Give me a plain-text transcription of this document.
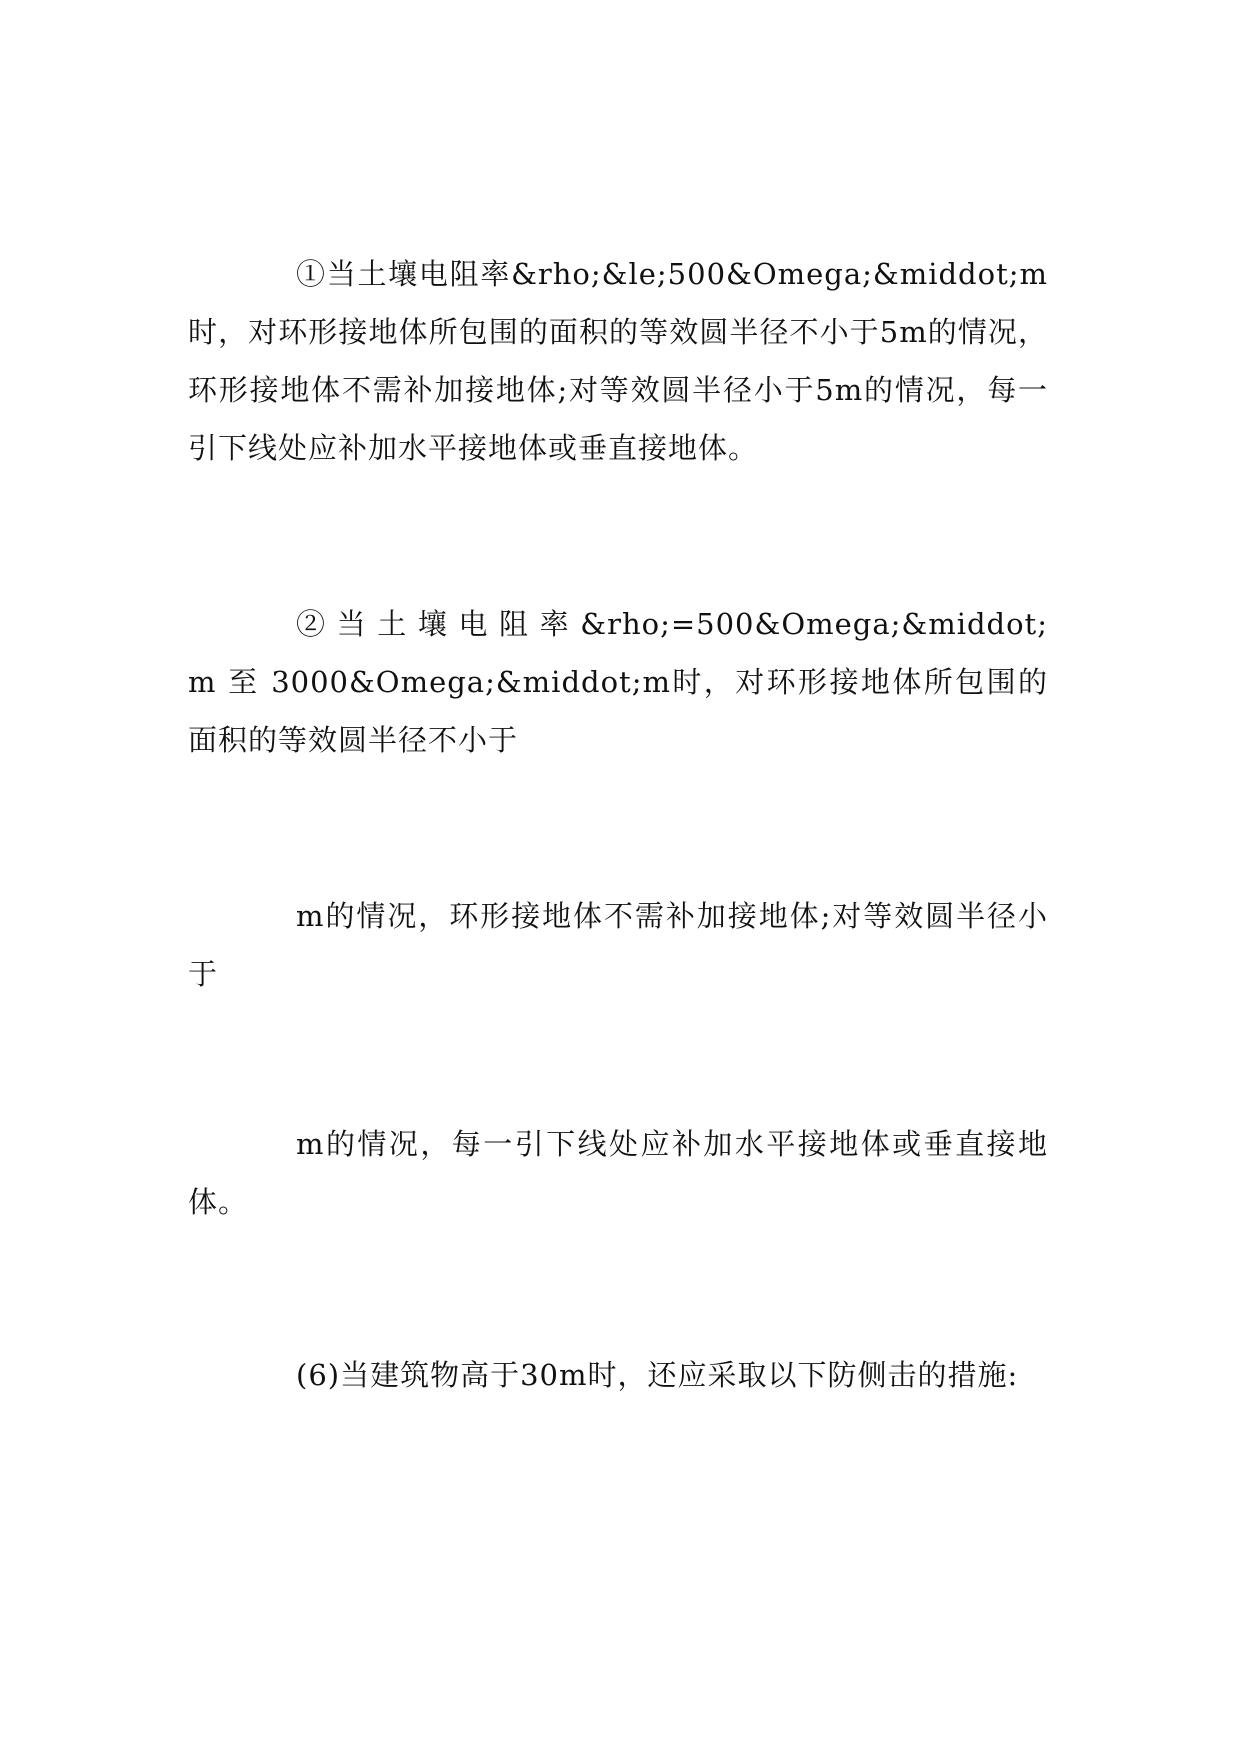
①当土壤电阻率&rho;&le;500&Omega;&middot;m时，对环形接地体所包围的面积的等效圆半径不小于5m的情况，环形接地体不需补加接地体;对等效圆半径小于5m的情况，每一引下线处应补加水平接地体或垂直接地体。

② 当 土 壤 电 阻 率 &rho;=500&Omega;&middot;m 至 3000&Omega;&middot;m时，对环形接地体所包围的面积的等效圆半径不小于

m的情况，环形接地体不需补加接地体;对等效圆半径小于

m的情况，每一引下线处应补加水平接地体或垂直接地体。

(6)当建筑物高于30m时，还应采取以下防侧击的措施:
